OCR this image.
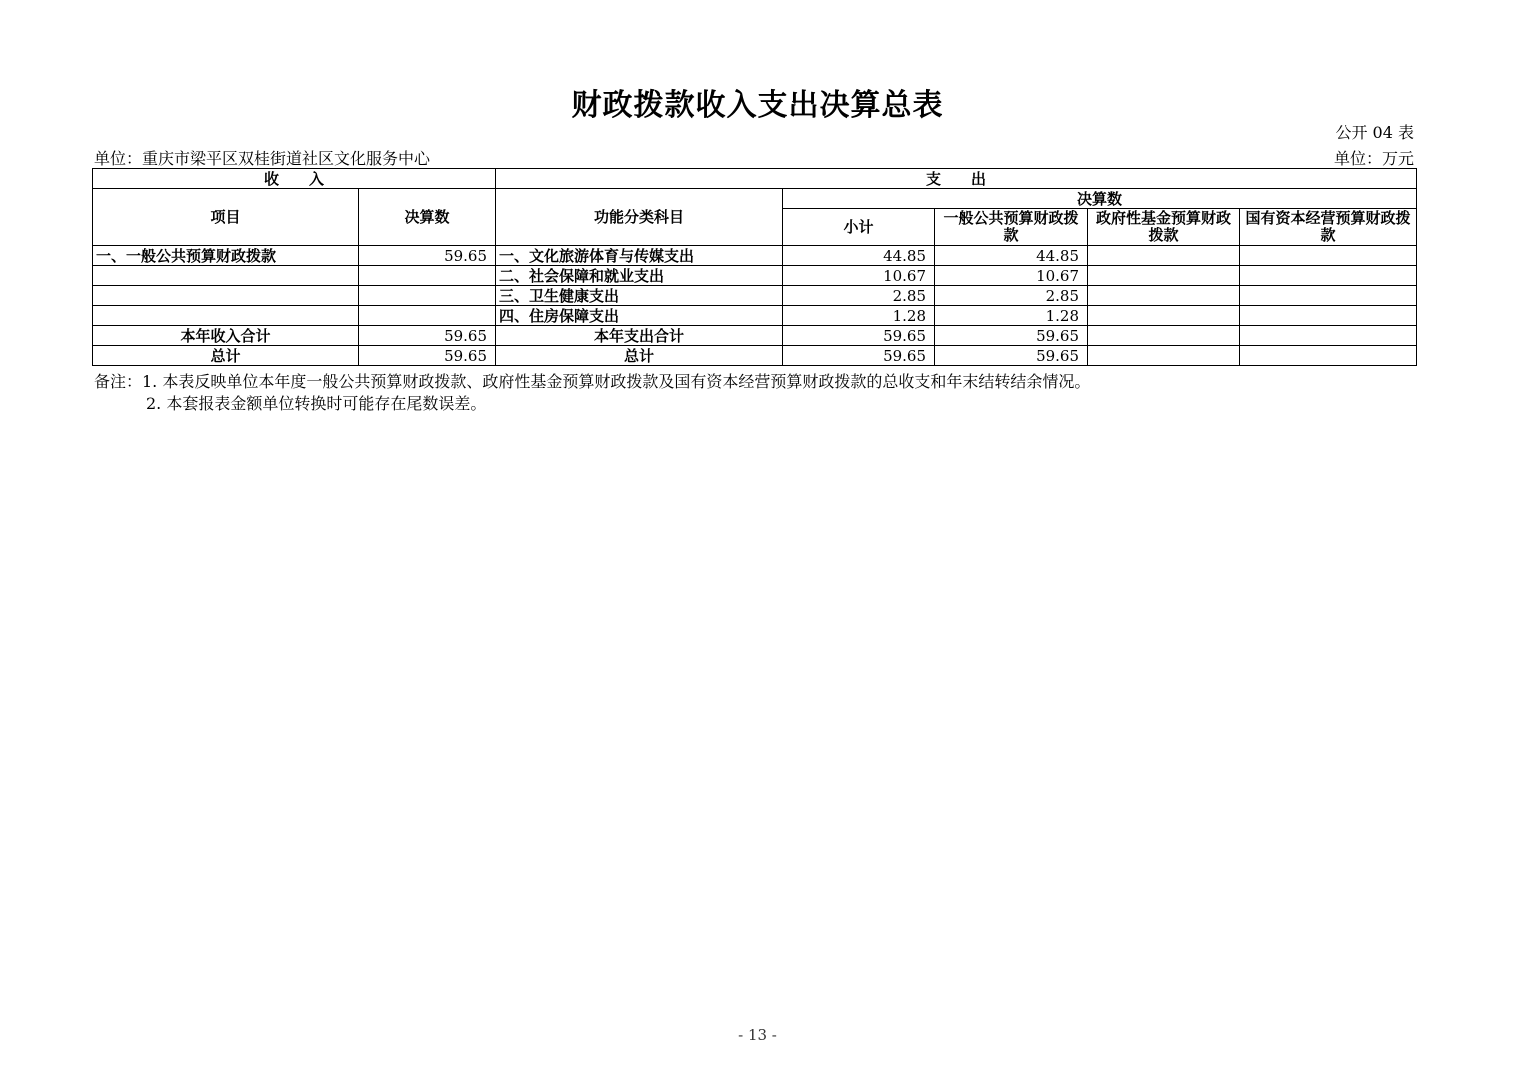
财政拨款收入支出决算总表
公开 04 表
单位：重庆市梁平区双桂街道社区文化服务中心	单位：万元
收　　入		支　　出				
项目	决算数	功能分类科目	决算数			
			小计	一般公共预算财政拨款	政府性基金预算财政拨款	国有资本经营预算财政拨款
一、一般公共预算财政拨款	59.65	一、文化旅游体育与传媒支出	44.85	44.85		
		二、社会保障和就业支出	10.67	10.67		
		三、卫生健康支出	2.85	2.85		
		四、住房保障支出	1.28	1.28		
本年收入合计	59.65	本年支出合计	59.65	59.65		
总计	59.65	总计	59.65	59.65		
备注：1. 本表反映单位本年度一般公共预算财政拨款、政府性基金预算财政拨款及国有资本经营预算财政拨款的总收支和年末结转结余情况。
2. 本套报表金额单位转换时可能存在尾数误差。
- 13 -
